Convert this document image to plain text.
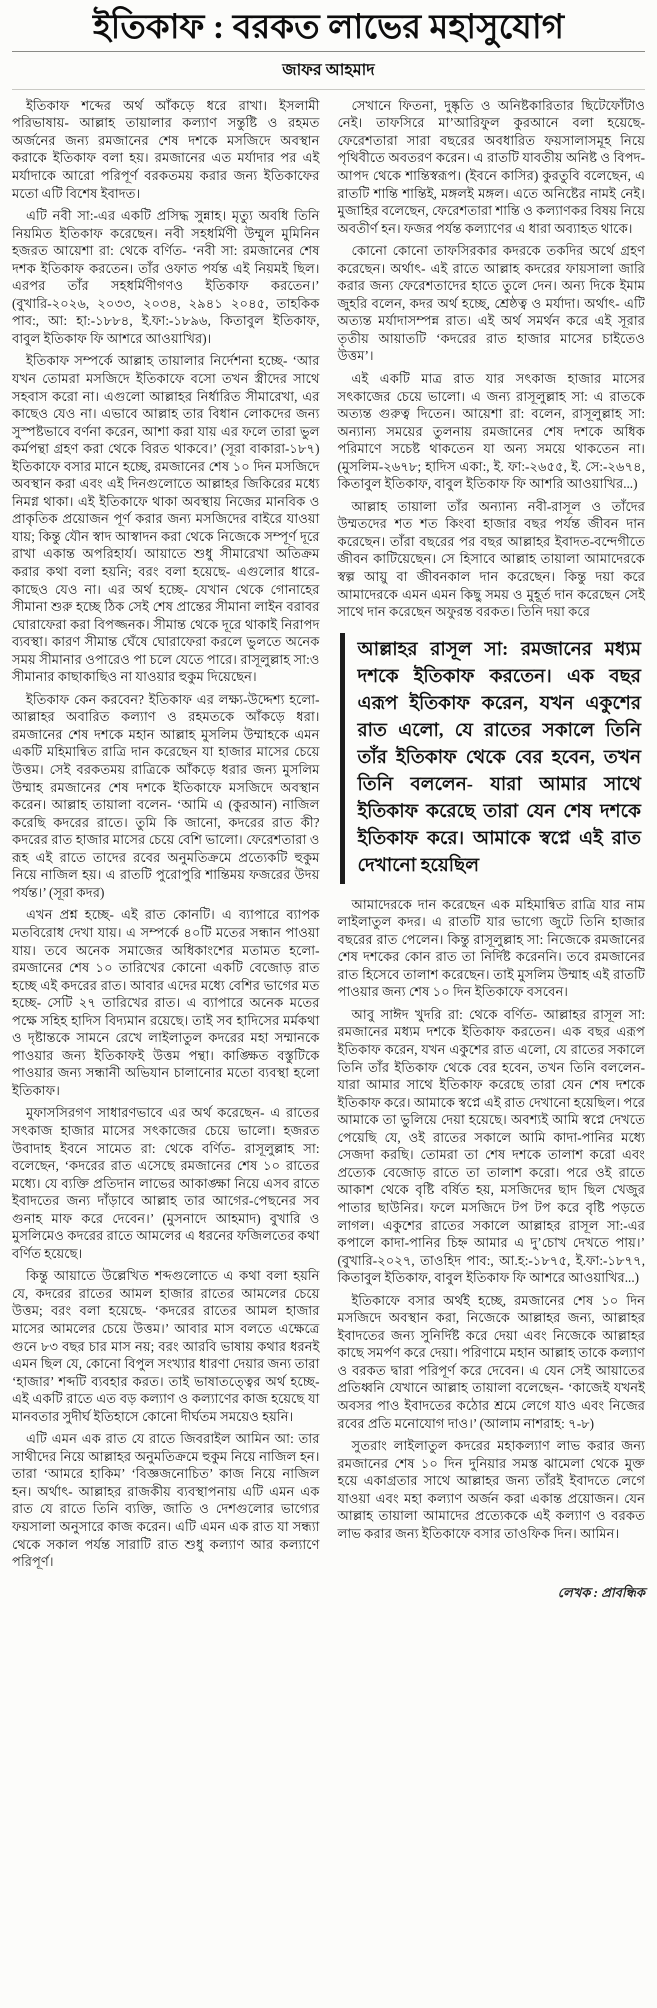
ইতিকাফ : বরকত লাভের মহাসুযোগ
জাফর আহমাদ

ইতিকাফ শব্দের অর্থ আঁকড়ে ধরে রাখা। ইসলামী পরিভাষায়- আল্লাহ তায়ালার কল্যাণ সন্তুষ্টি ও রহমত অর্জনের জন্য রমজানের শেষ দশকে মসজিদে অবস্থান করাকে ইতিকাফ বলা হয়। রমজানের এত মর্যাদার পর এই মর্যাদাকে আরো পরিপূর্ণ বরকতময় করার জন্য ইতিকাফের মতো এটি বিশেষ ইবাদত।

এটি নবী সা:-এর একটি প্রসিদ্ধ সুন্নাহ। মৃত্যু অবধি তিনি নিয়মিত ইতিকাফ করেছেন। নবী সহধর্মিণী উম্মুল মুমিনিন হজরত আয়েশা রা: থেকে বর্ণিত- ‘নবী সা: রমজানের শেষ দশক ইতিকাফ করতেন। তাঁর ওফাত পর্যন্ত এই নিয়মই ছিল। এরপর তাঁর সহধর্মিণীগণও ইতিকাফ করতেন।’ (বুখারি-২০২৬, ২০৩৩, ২০৩৪, ২৯৪১ ২০৪৫, তাহকিক পাব:, আ: হা:-১৮৮৪, ই.ফা:-১৮৯৬, কিতাবুল ইতিকাফ, বাবুল ইতিকাফ ফি আশরে আওয়াখির)।

ইতিকাফ সম্পর্কে আল্লাহ তায়ালার নির্দেশনা হচ্ছে- ‘আর যখন তোমরা মসজিদে ইতিকাফে বসো তখন স্ত্রীদের সাথে সহবাস করো না। এগুলো আল্লাহর নির্ধারিত সীমারেখা, এর কাছেও যেও না। এভাবে আল্লাহ তার বিধান লোকদের জন্য সুস্পষ্টভাবে বর্ণনা করেন, আশা করা যায় এর ফলে তারা ভুল কর্মপন্থা গ্রহণ করা থেকে বিরত থাকবে।’ (সূরা বাকারা-১৮৭) ইতিকাফে বসার মানে হচ্ছে, রমজানের শেষ ১০ দিন মসজিদে অবস্থান করা এবং এই দিনগুলোতে আল্লাহর জিকিরের মধ্যে নিমগ্ন থাকা। এই ইতিকাফে থাকা অবস্থায় নিজের মানবিক ও প্রাকৃতিক প্রয়োজন পূর্ণ করার জন্য মসজিদের বাইরে যাওয়া যায়; কিন্তু যৌন স্বাদ আস্বাদন করা থেকে নিজেকে সম্পূর্ণ দূরে রাখা একান্ত অপরিহার্য। আয়াতে শুধু সীমারেখা অতিক্রম করার কথা বলা হয়নি; বরং বলা হয়েছে- এগুলোর ধারে-কাছেও যেও না। এর অর্থ হচ্ছে- যেখান থেকে গোনাহের সীমানা শুরু হচ্ছে ঠিক সেই শেষ প্রান্তের সীমানা লাইন বরাবর ঘোরাফেরা করা বিপজ্জনক। সীমান্ত থেকে দূরে থাকাই নিরাপদ ব্যবস্থা। কারণ সীমান্ত ঘেঁষে ঘোরাফেরা করলে ভুলতে অনেক সময় সীমানার ওপারেও পা চলে যেতে পারে। রাসূলুল্লাহ সা:ও সীমানার কাছাকাছিও না যাওয়ার হুকুম দিয়েছেন।

ইতিকাফ কেন করবেন? ইতিকাফ এর লক্ষ্য-উদ্দেশ্য হলো- আল্লাহর অবারিত কল্যাণ ও রহমতকে আঁকড়ে ধরা। রমজানের শেষ দশকে মহান আল্লাহ মুসলিম উম্মাহকে এমন একটি মহিমান্বিত রাত্রি দান করেছেন যা হাজার মাসের চেয়ে উত্তম। সেই বরকতময় রাত্রিকে আঁকড়ে ধরার জন্য মুসলিম উম্মাহ রমজানের শেষ দশকে ইতিকাফে মসজিদে অবস্থান করেন। আল্লাহ তায়ালা বলেন- ‘আমি এ (কুরআন) নাজিল করেছি কদরের রাতে। তুমি কি জানো, কদরের রাত কী? কদরের রাত হাজার মাসের চেয়ে বেশি ভালো। ফেরেশতারা ও রূহ এই রাতে তাদের রবের অনুমতিক্রমে প্রত্যেকটি হুকুম নিয়ে নাজিল হয়। এ রাতটি পুরোপুরি শান্তিময় ফজরের উদয় পর্যন্ত।’ (সূরা কদর)

এখন প্রশ্ন হচ্ছে- এই রাত কোনটি। এ ব্যাপারে ব্যাপক মতবিরোধ দেখা যায়। এ সম্পর্কে ৪০টি মতের সন্ধান পাওয়া যায়। তবে অনেক সমাজের অধিকাংশের মতামত হলো- রমজানের শেষ ১০ তারিখের কোনো একটি বেজোড় রাত হচ্ছে এই কদরের রাত। আবার এদের মধ্যে বেশির ভাগের মত হচ্ছে- সেটি ২৭ তারিখের রাত। এ ব্যাপারে অনেক মতের পক্ষে সহিহ হাদিস বিদ্যমান রয়েছে। তাই সব হাদিসের মর্মকথা ও দৃষ্টান্তকে সামনে রেখে লাইলাতুল কদরের মহা সম্মানকে পাওয়ার জন্য ইতিকাফই উত্তম পন্থা। কাঙ্ক্ষিত বস্তুটিকে পাওয়ার জন্য সন্ধানী অভিযান চালানোর মতো ব্যবস্থা হলো ইতিকাফ।

মুফাসসিরগণ সাধারণভাবে এর অর্থ করেছেন- এ রাতের সৎকাজ হাজার মাসের সৎকাজের চেয়ে ভালো। হজরত উবাদাহ ইবনে সামেত রা: থেকে বর্ণিত- রাসূলুল্লাহ সা: বলেছেন, ‘কদরের রাত এসেছে রমজানের শেষ ১০ রাতের মধ্যে। যে ব্যক্তি প্রতিদান লাভের আকাঙ্ক্ষা নিয়ে এসব রাতে ইবাদতের জন্য দাঁড়াবে আল্লাহ তার আগের-পেছনের সব গুনাহ মাফ করে দেবেন।’ (মুসনাদে আহমাদ) বুখারি ও মুসলিমেও কদরের রাতে আমলের এ ধরনের ফজিলতের কথা বর্ণিত হয়েছে।

কিন্তু আয়াতে উল্লেখিত শব্দগুলোতে এ কথা বলা হয়নি যে, কদরের রাতের আমল হাজার রাতের আমলের চেয়ে উত্তম; বরং বলা হয়েছে- ‘কদরের রাতের আমল হাজার মাসের আমলের চেয়ে উত্তম।’ আবার মাস বলতে এক্ষেত্রে গুনে ৮৩ বছর চার মাস নয়; বরং আরবি ভাষায় কথার ধরনই এমন ছিল যে, কোনো বিপুল সংখ্যার ধারণা দেয়ার জন্য তারা ‘হাজার’ শব্দটি ব্যবহার করত। তাই ভাষাতত্ত্বের অর্থ হচ্ছে- এই একটি রাতে এত বড় কল্যাণ ও কল্যাণের কাজ হয়েছে যা মানবতার সুদীর্ঘ ইতিহাসে কোনো দীর্ঘতম সময়েও হয়নি।

এটি এমন এক রাত যে রাতে জিবরাইল আমিন আ: তার সাথীদের নিয়ে আল্লাহর অনুমতিক্রমে হুকুম নিয়ে নাজিল হন। তারা ‘আমরে হাকিম’ ‘বিজ্ঞজনোচিত’ কাজ নিয়ে নাজিল হন। অর্থাৎ- আল্লাহর রাজকীয় ব্যবস্থাপনায় এটি এমন এক রাত যে রাতে তিনি ব্যক্তি, জাতি ও দেশগুলোর ভাগ্যের ফয়সালা অনুসারে কাজ করেন। এটি এমন এক রাত যা সন্ধ্যা থেকে সকাল পর্যন্ত সারাটি রাত শুধু কল্যাণ আর কল্যাণে পরিপূর্ণ।

সেখানে ফিতনা, দুষ্কৃতি ও অনিষ্টকারিতার ছিটেফোঁটাও নেই। তাফসিরে মা’আরিফুল কুরআনে বলা হয়েছে- ফেরেশতারা সারা বছরের অবধারিত ফয়সালাসমূহ নিয়ে পৃথিবীতে অবতরণ করেন। এ রাতটি যাবতীয় অনিষ্ট ও বিপদ-আপদ থেকে শান্তিস্বরূপ। (ইবনে কাসির) কুরতুবি বলেছেন, এ রাতটি শান্তি শান্তিই, মঙ্গলই মঙ্গল। এতে অনিষ্টের নামই নেই। মুজাহির বলেছেন, ফেরেশতারা শান্তি ও কল্যাণকর বিষয় নিয়ে অবতীর্ণ হন। ফজর পর্যন্ত কল্যাণের এ ধারা অব্যাহত থাকে।

কোনো কোনো তাফসিরকার কদরকে তকদির অর্থে গ্রহণ করেছেন। অর্থাৎ- এই রাতে আল্লাহ কদরের ফায়সালা জারি করার জন্য ফেরেশতাদের হাতে তুলে দেন। অন্য দিকে ইমাম জুহরি বলেন, কদর অর্থ হচ্ছে, শ্রেষ্ঠত্ব ও মর্যাদা। অর্থাৎ- এটি অত্যন্ত মর্যাদাসম্পন্ন রাত। এই অর্থ সমর্থন করে এই সূরার তৃতীয় আয়াতটি ‘কদরের রাত হাজার মাসের চাইতেও উত্তম’।

এই একটি মাত্র রাত যার সৎকাজ হাজার মাসের সৎকাজের চেয়ে ভালো। এ জন্য রাসূলুল্লাহ সা: এ রাতকে অত্যন্ত গুরুত্ব দিতেন। আয়েশা রা: বলেন, রাসূলুল্লাহ সা: অন্যান্য সময়ের তুলনায় রমজানের শেষ দশকে অধিক পরিমাণে সচেষ্ট থাকতেন যা অন্য সময়ে থাকতেন না। (মুসলিম-২৬৭৮; হাদিস একা:, ই. ফা:-২৬৫৫, ই. সে:-২৬৭৪, কিতাবুল ইতিকাফ, বাবুল ইতিকাফ ফি আশরি আওয়াখির...)

আল্লাহ তায়ালা তাঁর অন্যান্য নবী-রাসূল ও তাঁদের উম্মতদের শত শত কিংবা হাজার বছর পর্যন্ত জীবন দান করেছেন। তাঁরা বছরের পর বছর আল্লাহর ইবাদত-বন্দেগীতে জীবন কাটিয়েছেন। সে হিসাবে আল্লাহ তায়ালা আমাদেরকে স্বল্প আয়ু বা জীবনকাল দান করেছেন। কিন্তু দয়া করে আমাদেরকে এমন এমন কিছু সময় ও মুহূর্ত দান করেছেন সেই সাথে দান করেছেন অফুরন্ত বরকত। তিনি দয়া করে

আল্লাহর রাসূল সা: রমজানের মধ্যম দশকে ইতিকাফ করতেন। এক বছর এরূপ ইতিকাফ করেন, যখন একুশের রাত এলো, যে রাতের সকালে তিনি তাঁর ইতিকাফ থেকে বের হবেন, তখন তিনি বললেন- যারা আমার সাথে ইতিকাফ করেছে তারা যেন শেষ দশকে ইতিকাফ করে। আমাকে স্বপ্নে এই রাত দেখানো হয়েছিল

আমাদেরকে দান করেছেন এক মহিমান্বিত রাত্রি যার নাম লাইলাতুল কদর। এ রাতটি যার ভাগ্যে জুটে তিনি হাজার বছরের রাত পেলেন। কিন্তু রাসূলুল্লাহ সা: নিজেকে রমজানের শেষ দশকের কোন রাত তা নির্দিষ্ট করেননি। তবে রমজানের রাত হিসেবে তালাশ করেছেন। তাই মুসলিম উম্মাহ এই রাতটি পাওয়ার জন্য শেষ ১০ দিন ইতিকাফে বসবেন।

আবু সাঈদ খুদরি রা: থেকে বর্ণিত- আল্লাহর রাসূল সা: রমজানের মধ্যম দশকে ইতিকাফ করতেন। এক বছর এরূপ ইতিকাফ করেন, যখন একুশের রাত এলো, যে রাতের সকালে তিনি তাঁর ইতিকাফ থেকে বের হবেন, তখন তিনি বললেন- যারা আমার সাথে ইতিকাফ করেছে তারা যেন শেষ দশকে ইতিকাফ করে। আমাকে স্বপ্নে এই রাত দেখানো হয়েছিল। পরে আমাকে তা ভুলিয়ে দেয়া হয়েছে। অবশ্যই আমি স্বপ্নে দেখতে পেয়েছি যে, ওই রাতের সকালে আমি কাদা-পানির মধ্যে সেজদা করছি। তোমরা তা শেষ দশকে তালাশ করো এবং প্রত্যেক বেজোড় রাতে তা তালাশ করো। পরে ওই রাতে আকাশ থেকে বৃষ্টি বর্ষিত হয়, মসজিদের ছাদ ছিল খেজুর পাতার ছাউনির। ফলে মসজিদে টপ টপ করে বৃষ্টি পড়তে লাগল। একুশের রাতের সকালে আল্লাহর রাসূল সা:-এর কপালে কাদা-পানির চিহ্ন আমার এ দু’চোখ দেখতে পায়।’ (বুখারি-২০২৭, তাওহিদ পাব:, আ.হ:-১৮৭৫, ই.ফা:-১৮৭৭, কিতাবুল ইতিকাফ, বাবুল ইতিকাফ ফি আশরে আওয়াখির...)

ইতিকাফে বসার অর্থই হচ্ছে, রমজানের শেষ ১০ দিন মসজিদে অবস্থান করা, নিজেকে আল্লাহর জন্য, আল্লাহর ইবাদতের জন্য সুনির্দিষ্ট করে দেয়া এবং নিজেকে আল্লাহর কাছে সমর্পণ করে দেয়া। পরিণামে মহান আল্লাহ তাকে কল্যাণ ও বরকত দ্বারা পরিপূর্ণ করে দেবেন। এ যেন সেই আয়াতের প্রতিধ্বনি যেখানে আল্লাহ তায়ালা বলেছেন- ‘কাজেই যখনই অবসর পাও ইবাদতের কঠোর শ্রমে লেগে যাও এবং নিজের রবের প্রতি মনোযোগ দাও।’ (আলাম নাশরাহ: ৭-৮)

সুতরাং লাইলাতুল কদরের মহাকল্যাণ লাভ করার জন্য রমজানের শেষ ১০ দিন দুনিয়ার সমস্ত ঝামেলা থেকে মুক্ত হয়ে একাগ্রতার সাথে আল্লাহর জন্য তাঁরই ইবাদতে লেগে যাওয়া এবং মহা কল্যাণ অর্জন করা একান্ত প্রয়োজন। যেন আল্লাহ তায়ালা আমাদের প্রত্যেককে এই কল্যাণ ও বরকত লাভ করার জন্য ইতিকাফে বসার তাওফিক দিন। আমিন।

লেখক : প্রাবন্ধিক
